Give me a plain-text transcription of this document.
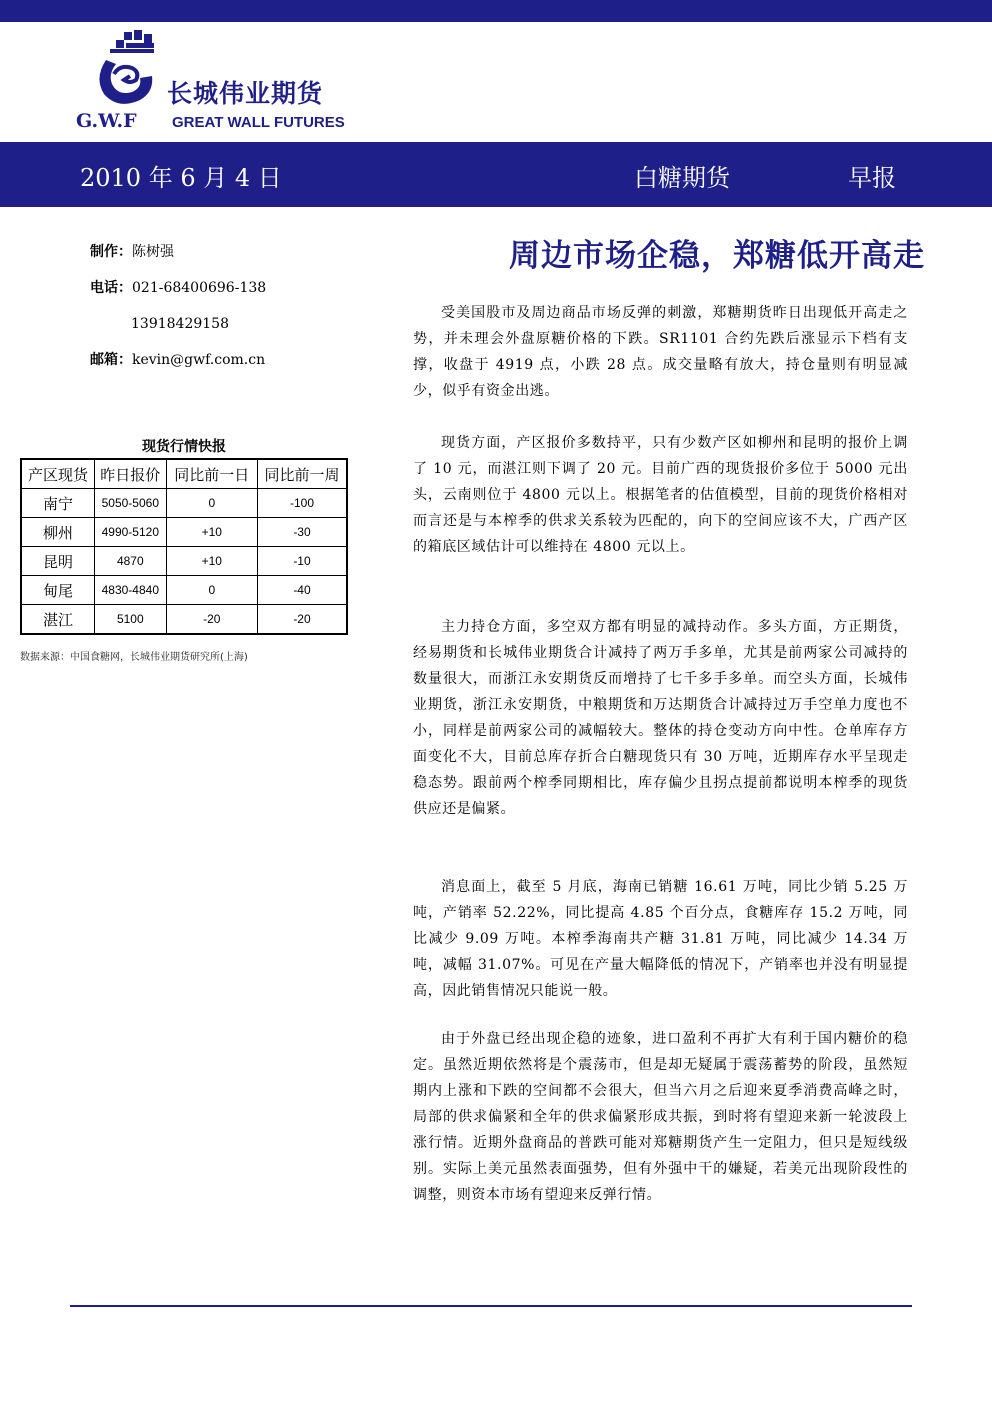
长城伟业期货
G.W.F GREAT WALL FUTURES
2010 年 6 月 4 日	白糖期货	早报
制作：陈树强
电话：021-68400696-138
13918429158
邮箱：kevin@gwf.com.cn
现货行情快报
产区现货	昨日报价	同比前一日	同比前一周
南宁	5050-5060	0	-100
柳州	4990-5120	+10	-30
昆明	4870	+10	-10
甸尾	4830-4840	0	-40
湛江	5100	-20	-20
数据来源：中国食糖网，长城伟业期货研究所(上海)
周边市场企稳，郑糖低开高走

受美国股市及周边商品市场反弹的刺激，郑糖期货昨日出现低开高走之势，并未理会外盘原糖价格的下跌。SR1101 合约先跌后涨显示下档有支撑，收盘于 4919 点，小跌 28 点。成交量略有放大，持仓量则有明显减少，似乎有资金出逃。

现货方面，产区报价多数持平，只有少数产区如柳州和昆明的报价上调了 10 元，而湛江则下调了 20 元。目前广西的现货报价多位于 5000 元出头，云南则位于 4800 元以上。根据笔者的估值模型，目前的现货价格相对而言还是与本榨季的供求关系较为匹配的，向下的空间应该不大，广西产区的箱底区域估计可以维持在 4800 元以上。

主力持仓方面，多空双方都有明显的减持动作。多头方面，方正期货，经易期货和长城伟业期货合计减持了两万手多单，尤其是前两家公司减持的数量很大，而浙江永安期货反而增持了七千多手多单。而空头方面，长城伟业期货，浙江永安期货，中粮期货和万达期货合计减持过万手空单力度也不小，同样是前两家公司的减幅较大。整体的持仓变动方向中性。仓单库存方面变化不大，目前总库存折合白糖现货只有 30 万吨，近期库存水平呈现走稳态势。跟前两个榨季同期相比，库存偏少且拐点提前都说明本榨季的现货供应还是偏紧。

消息面上，截至 5 月底，海南已销糖 16.61 万吨，同比少销 5.25 万吨，产销率 52.22%，同比提高 4.85 个百分点，食糖库存 15.2 万吨，同比减少 9.09 万吨。本榨季海南共产糖 31.81 万吨，同比减少 14.34 万吨，减幅 31.07%。可见在产量大幅降低的情况下，产销率也并没有明显提高，因此销售情况只能说一般。

由于外盘已经出现企稳的迹象，进口盈利不再扩大有利于国内糖价的稳定。虽然近期依然将是个震荡市，但是却无疑属于震荡蓄势的阶段，虽然短期内上涨和下跌的空间都不会很大，但当六月之后迎来夏季消费高峰之时，局部的供求偏紧和全年的供求偏紧形成共振，到时将有望迎来新一轮波段上涨行情。近期外盘商品的普跌可能对郑糖期货产生一定阻力，但只是短线级别。实际上美元虽然表面强势，但有外强中干的嫌疑，若美元出现阶段性的调整，则资本市场有望迎来反弹行情。
